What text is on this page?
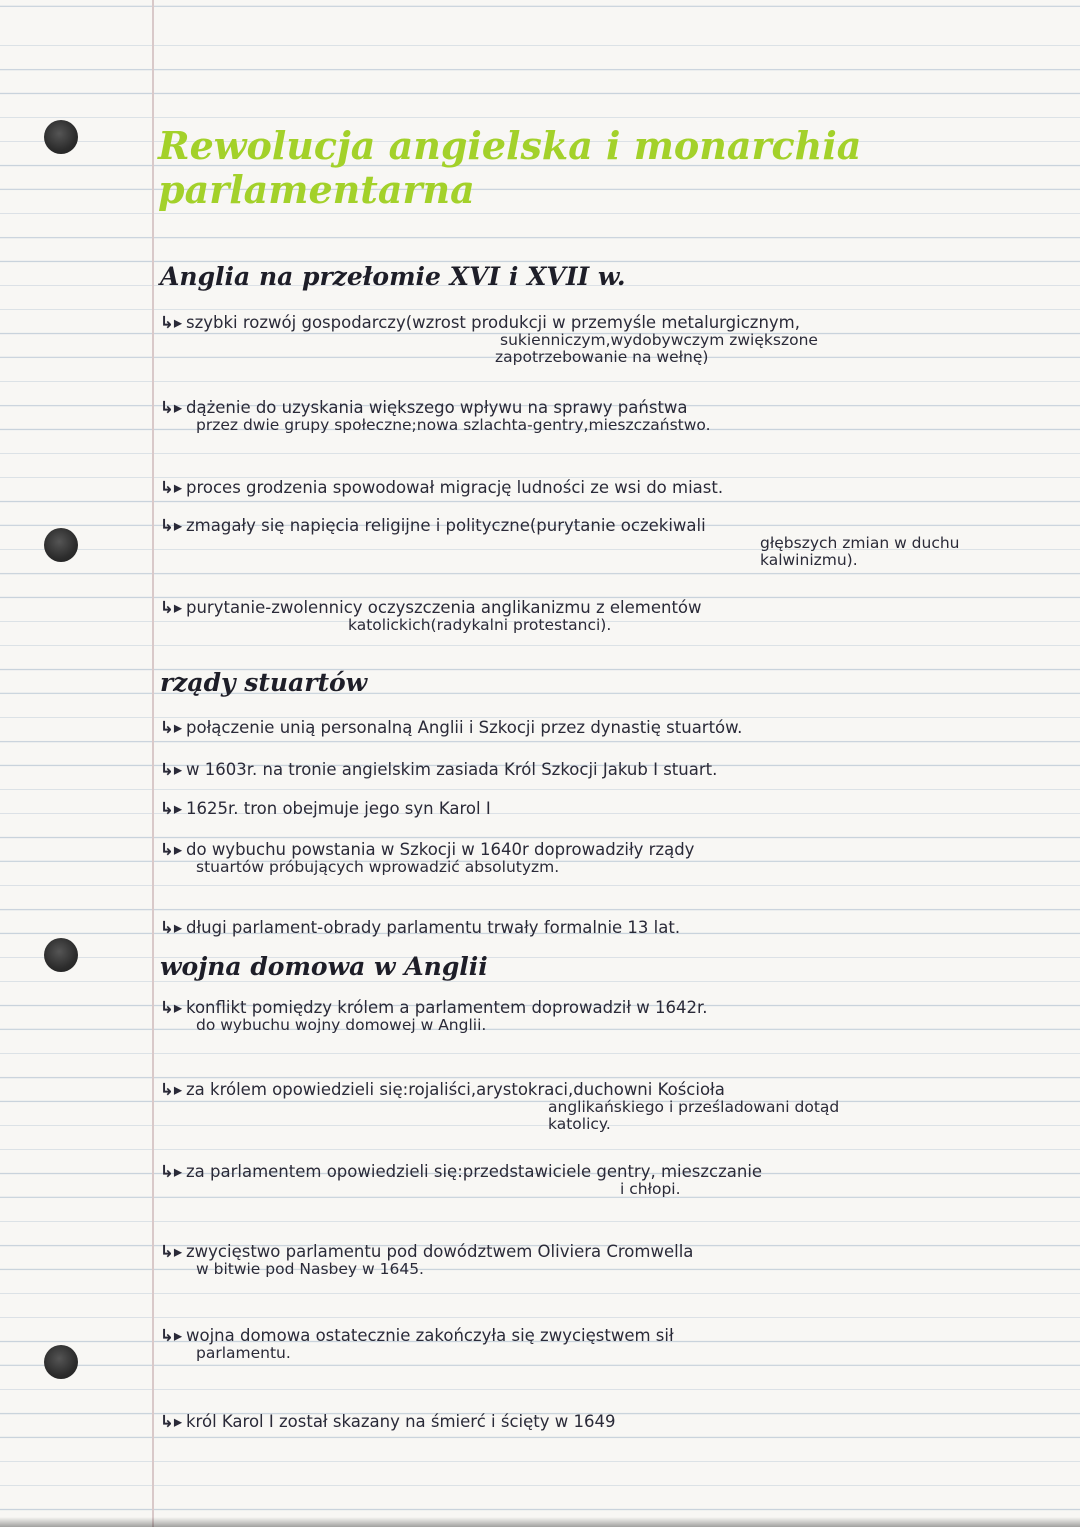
Rewolucja angielska i monarchia parlamentarna
Anglia na przełomie XVI i XVII w.
↳▸ szybki rozwój gospodarczy(wzrost produkcji w przemyśle metalurgicznym,
sukienniczym,wydobywczym zwiększone
zapotrzebowanie na wełnę)
↳▸ dążenie do uzyskania większego wpływu na sprawy państwa
przez dwie grupy społeczne;nowa szlachta-gentry,mieszczaństwo.
↳▸ proces grodzenia spowodował migrację ludności ze wsi do miast.
↳▸ zmagały się napięcia religijne i polityczne(purytanie oczekiwali
głębszych zmian w duchu
kalwinizmu).
↳▸ purytanie-zwolennicy oczyszczenia anglikanizmu z elementów
katolickich(radykalni protestanci).
rządy stuartów
↳▸ połączenie unią personalną Anglii i Szkocji przez dynastię stuartów.
↳▸ w 1603r. na tronie angielskim zasiada Król Szkocji Jakub I stuart.
↳▸ 1625r. tron obejmuje jego syn Karol I
↳▸ do wybuchu powstania w Szkocji w 1640r doprowadziły rządy
stuartów próbujących wprowadzić absolutyzm.
↳▸ długi parlament-obrady parlamentu trwały formalnie 13 lat.
wojna domowa w Anglii
↳▸ konflikt pomiędzy królem a parlamentem doprowadził w 1642r.
do wybuchu wojny domowej w Anglii.
↳▸ za królem opowiedzieli się:rojaliści,arystokraci,duchowni Kościoła
anglikańskiego i prześladowani dotąd
katolicy.
↳▸ za parlamentem opowiedzieli się:przedstawiciele gentry, mieszczanie
i chłopi.
↳▸ zwycięstwo parlamentu pod dowództwem Oliviera Cromwella
w bitwie pod Nasbey w 1645.
↳▸ wojna domowa ostatecznie zakończyła się zwycięstwem sił
parlamentu.
↳▸ król Karol I został skazany na śmierć i ścięty w 1649
